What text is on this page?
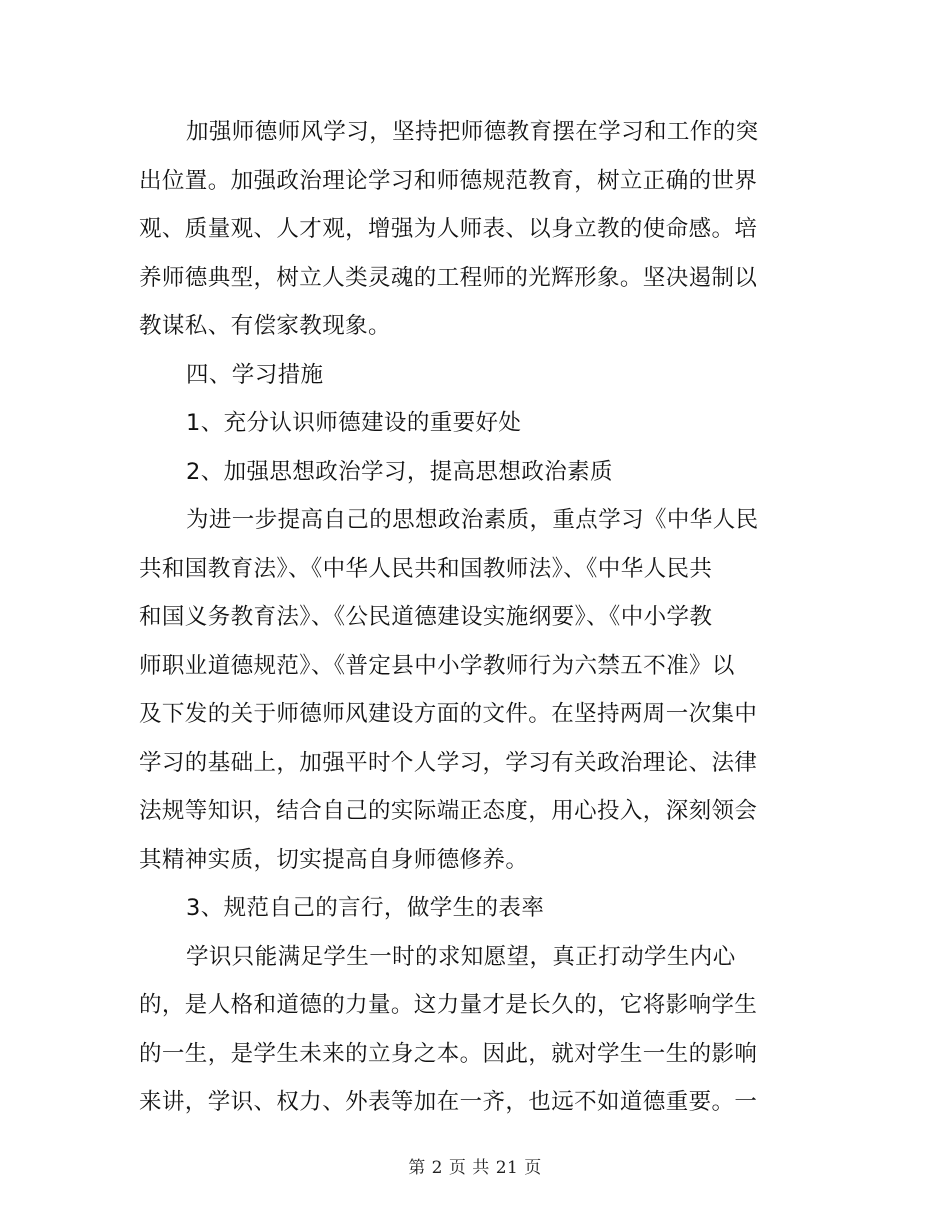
加强师德师风学习，坚持把师德教育摆在学习和工作的突
出位置。加强政治理论学习和师德规范教育，树立正确的世界
观、质量观、人才观，增强为人师表、以身立教的使命感。培
养师德典型，树立人类灵魂的工程师的光辉形象。坚决遏制以
教谋私、有偿家教现象。

四、学习措施

1、充分认识师德建设的重要好处

2、加强思想政治学习，提高思想政治素质

为进一步提高自己的思想政治素质，重点学习《中华人民
共和国教育法》、《中华人民共和国教师法》、《中华人民共
和国义务教育法》、《公民道德建设实施纲要》、《中小学教
师职业道德规范》、《普定县中小学教师行为六禁五不准》以
及下发的关于师德师风建设方面的文件。在坚持两周一次集中
学习的基础上，加强平时个人学习，学习有关政治理论、法律
法规等知识，结合自己的实际端正态度，用心投入，深刻领会
其精神实质，切实提高自身师德修养。

3、规范自己的言行，做学生的表率

学识只能满足学生一时的求知愿望，真正打动学生内心
的，是人格和道德的力量。这力量才是长久的，它将影响学生
的一生，是学生未来的立身之本。因此，就对学生一生的影响
来讲，学识、权力、外表等加在一齐，也远不如道德重要。一

第 2 页 共 21 页
